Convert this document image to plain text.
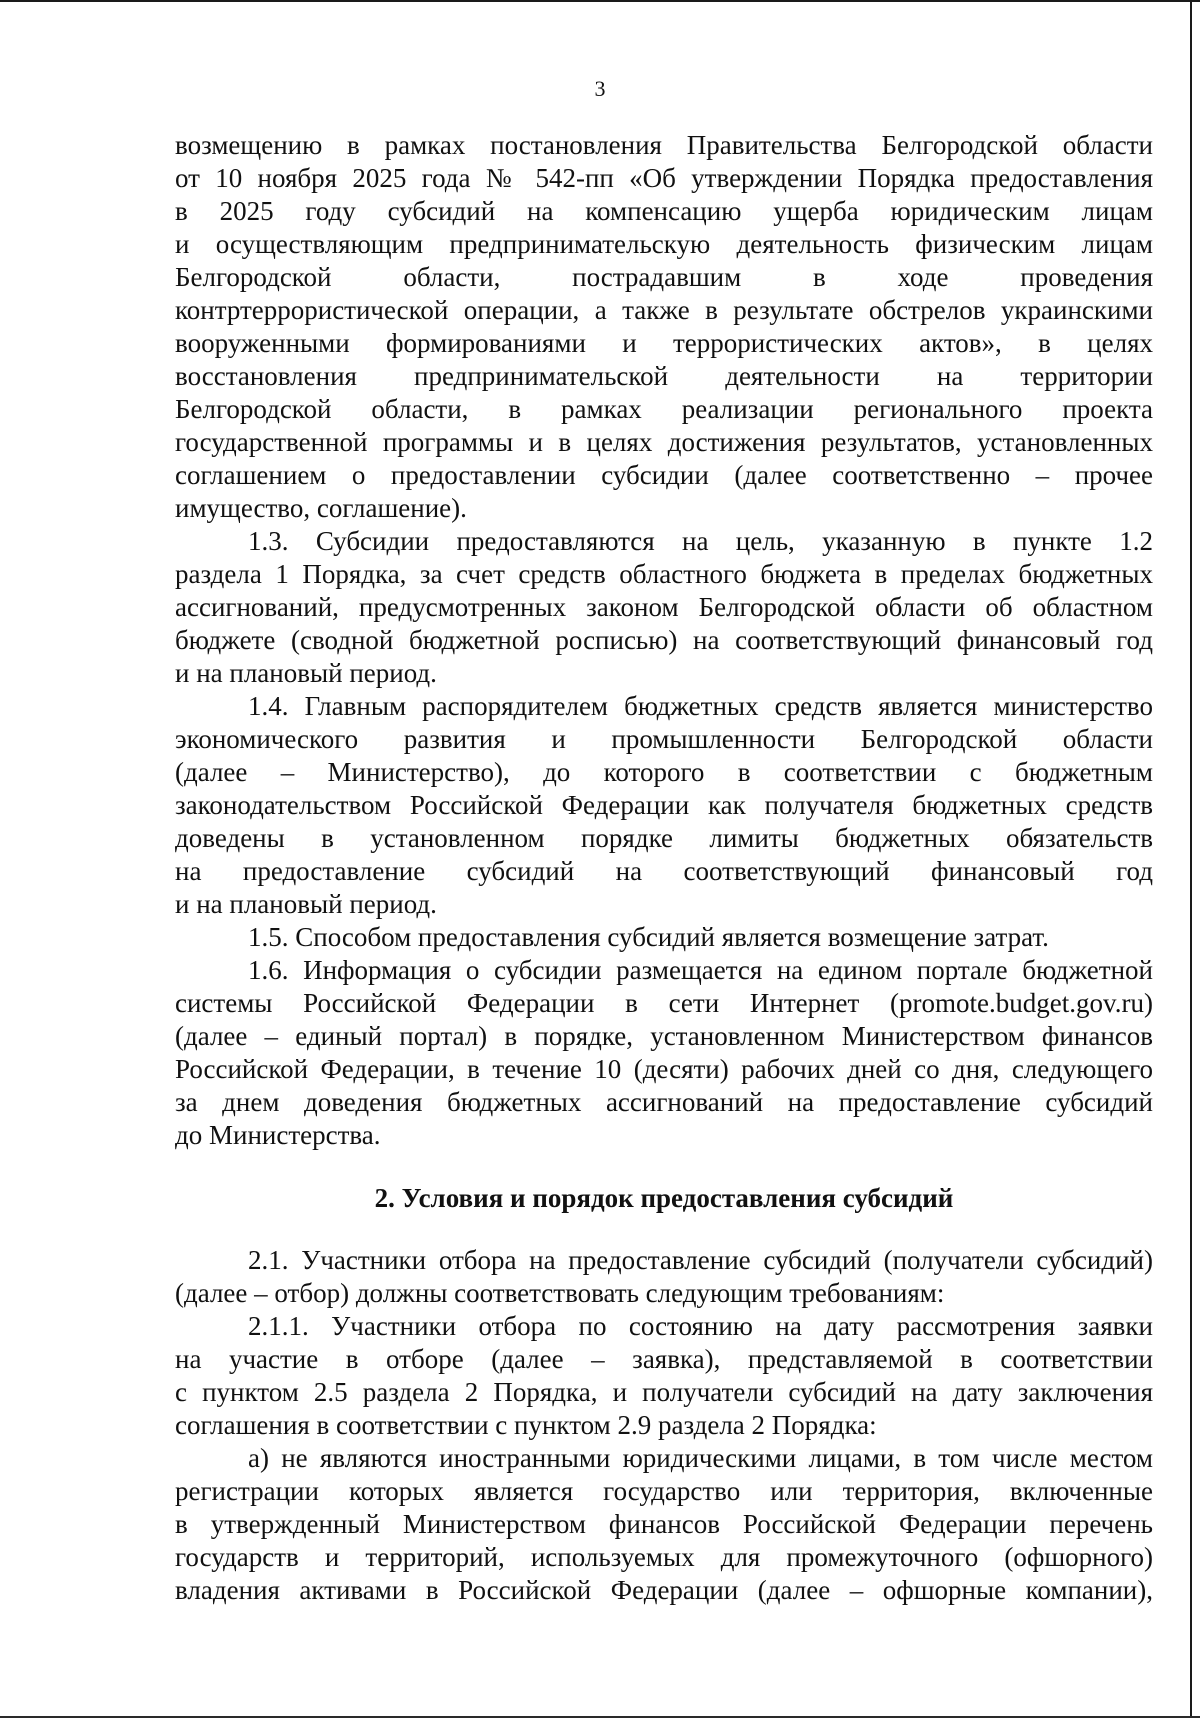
3
возмещению в рамках постановления Правительства Белгородской области
от 10 ноября 2025 года № 542-пп «Об утверждении Порядка предоставления
в 2025 году субсидий на компенсацию ущерба юридическим лицам
и осуществляющим предпринимательскую деятельность физическим лицам
Белгородской области, пострадавшим в ходе проведения
контртеррористической операции, а также в результате обстрелов украинскими
вооруженными формированиями и террористических актов», в целях
восстановления предпринимательской деятельности на территории
Белгородской области, в рамках реализации регионального проекта
государственной программы и в целях достижения результатов, установленных
соглашением о предоставлении субсидии (далее соответственно – прочее
имущество, соглашение).
1.3. Субсидии предоставляются на цель, указанную в пункте 1.2
раздела 1 Порядка, за счет средств областного бюджета в пределах бюджетных
ассигнований, предусмотренных законом Белгородской области об областном
бюджете (сводной бюджетной росписью) на соответствующий финансовый год
и на плановый период.
1.4. Главным распорядителем бюджетных средств является министерство
экономического развития и промышленности Белгородской области
(далее – Министерство), до которого в соответствии с бюджетным
законодательством Российской Федерации как получателя бюджетных средств
доведены в установленном порядке лимиты бюджетных обязательств
на предоставление субсидий на соответствующий финансовый год
и на плановый период.
1.5. Способом предоставления субсидий является возмещение затрат.
1.6. Информация о субсидии размещается на едином портале бюджетной
системы Российской Федерации в сети Интернет (promote.budget.gov.ru)
(далее – единый портал) в порядке, установленном Министерством финансов
Российской Федерации, в течение 10 (десяти) рабочих дней со дня, следующего
за днем доведения бюджетных ассигнований на предоставление субсидий
до Министерства.
2. Условия и порядок предоставления субсидий
2.1. Участники отбора на предоставление субсидий (получатели субсидий)
(далее – отбор) должны соответствовать следующим требованиям:
2.1.1. Участники отбора по состоянию на дату рассмотрения заявки
на участие в отборе (далее – заявка), представляемой в соответствии
с пунктом 2.5 раздела 2 Порядка, и получатели субсидий на дату заключения
соглашения в соответствии с пунктом 2.9 раздела 2 Порядка:
а) не являются иностранными юридическими лицами, в том числе местом
регистрации которых является государство или территория, включенные
в утвержденный Министерством финансов Российской Федерации перечень
государств и территорий, используемых для промежуточного (офшорного)
владения активами в Российской Федерации (далее – офшорные компании),
